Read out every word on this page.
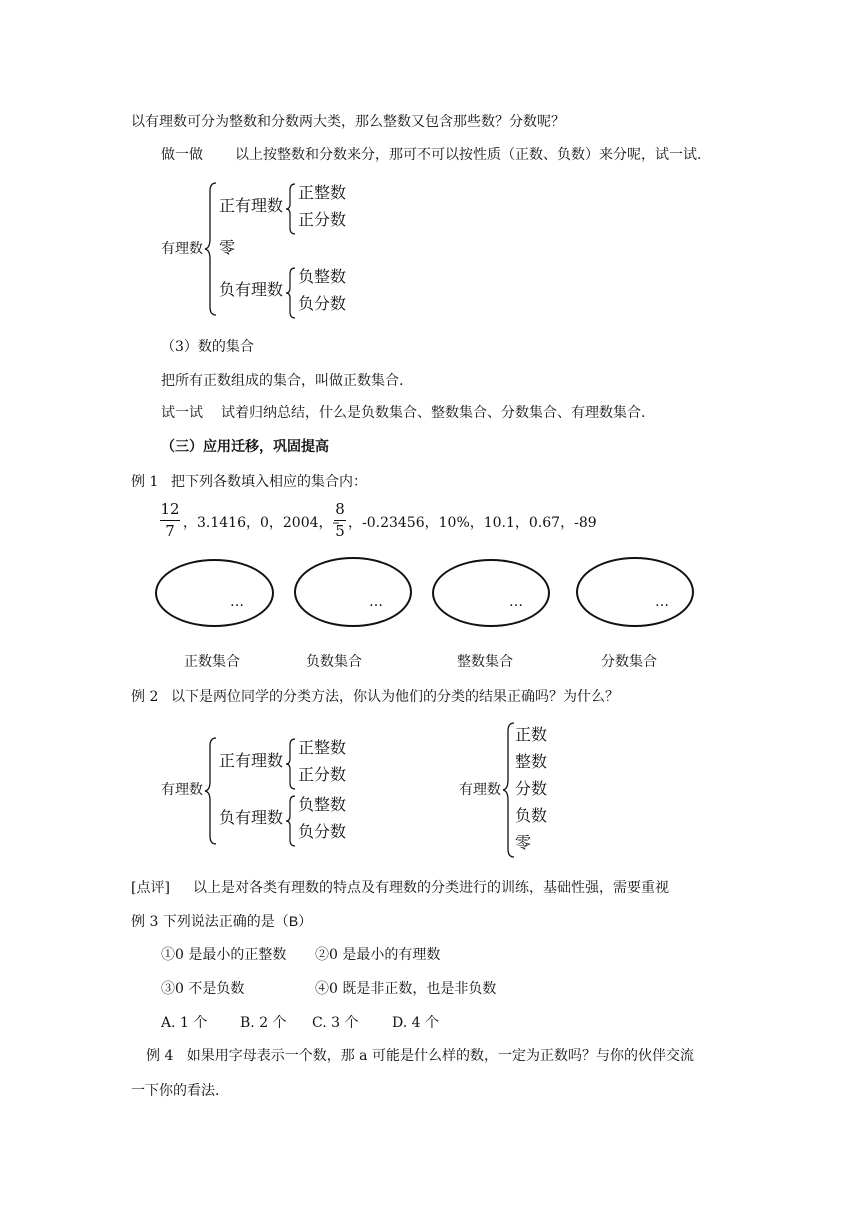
以有理数可分为整数和分数两大类，那么整数又包含那些数？分数呢？
做一做 以上按整数和分数来分，那可不可以按性质（正数、负数）来分呢，试一试.
有理数
正有理数
正整数
正分数
零
负有理数
负整数
负分数
（3）数的集合
把所有正数组成的集合，叫做正数集合.
试一试 试着归纳总结，什么是负数集合、整数集合、分数集合、有理数集合.
（三）应用迁移，巩固提高
例 1 把下列各数填入相应的集合内：
12
7 ，3.1416，0，2004，–
8
5 ，-0.23456，10%，10.1，0.67，-89
…	…	…	…
正数集合	负数集合	整数集合	分数集合
例 2 以下是两位同学的分类方法，你认为他们的分类的结果正确吗？为什么？
有理数
正有理数
正整数
正分数
负有理数
负整数
负分数
有理数
正数
整数
分数
负数
零
[点评] 以上是对各类有理数的特点及有理数的分类进行的训练，基础性强，需要重视
例 3 下列说法正确的是（B）
①0 是最小的正整数 ②0 是最小的有理数
③0 不是负数	④0 既是非正数，也是非负数
A. 1 个 B. 2 个 C. 3 个 D. 4 个
例 4   如果用字母表示一个数，那 a 可能是什么样的数，一定为正数吗？与你的伙伴交流
一下你的看法.
